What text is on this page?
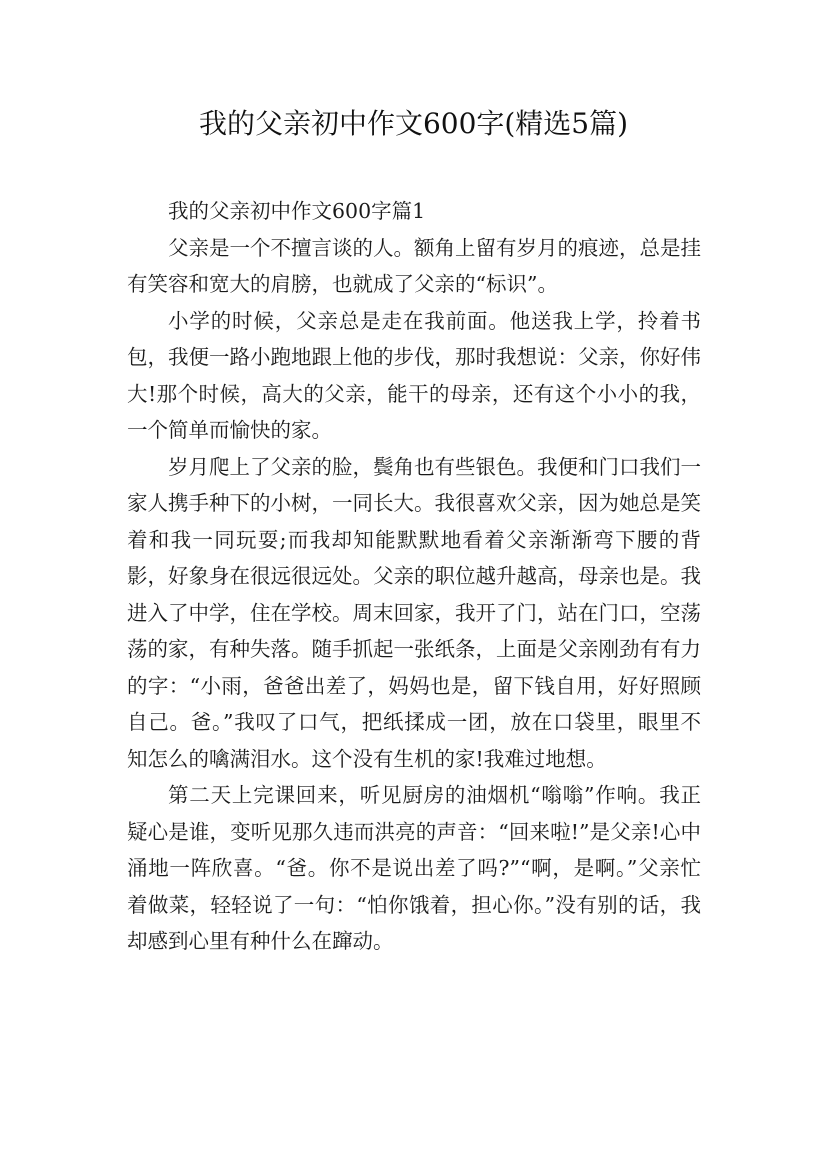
我的父亲初中作文600字(精选5篇)

我的父亲初中作文600字篇1

父亲是一个不擅言谈的人。额角上留有岁月的痕迹，总是挂有笑容和宽大的肩膀，也就成了父亲的“标识”。

小学的时候，父亲总是走在我前面。他送我上学，拎着书包，我便一路小跑地跟上他的步伐，那时我想说：父亲，你好伟大!那个时候，高大的父亲，能干的母亲，还有这个小小的我，一个简单而愉快的家。

岁月爬上了父亲的脸，鬓角也有些银色。我便和门口我们一家人携手种下的小树，一同长大。我很喜欢父亲，因为她总是笑着和我一同玩耍;而我却知能默默地看着父亲渐渐弯下腰的背影，好象身在很远很远处。父亲的职位越升越高，母亲也是。我进入了中学，住在学校。周末回家，我开了门，站在门口，空荡荡的家，有种失落。随手抓起一张纸条，上面是父亲刚劲有有力的字：“小雨，爸爸出差了，妈妈也是，留下钱自用，好好照顾自己。爸。”我叹了口气，把纸揉成一团，放在口袋里，眼里不知怎么的噙满泪水。这个没有生机的家!我难过地想。

第二天上完课回来，听见厨房的油烟机“嗡嗡”作响。我正疑心是谁，变听见那久违而洪亮的声音：“回来啦!”是父亲!心中涌地一阵欣喜。“爸。你不是说出差了吗?”“啊，是啊。”父亲忙着做菜，轻轻说了一句：“怕你饿着，担心你。”没有别的话，我却感到心里有种什么在蹿动。
